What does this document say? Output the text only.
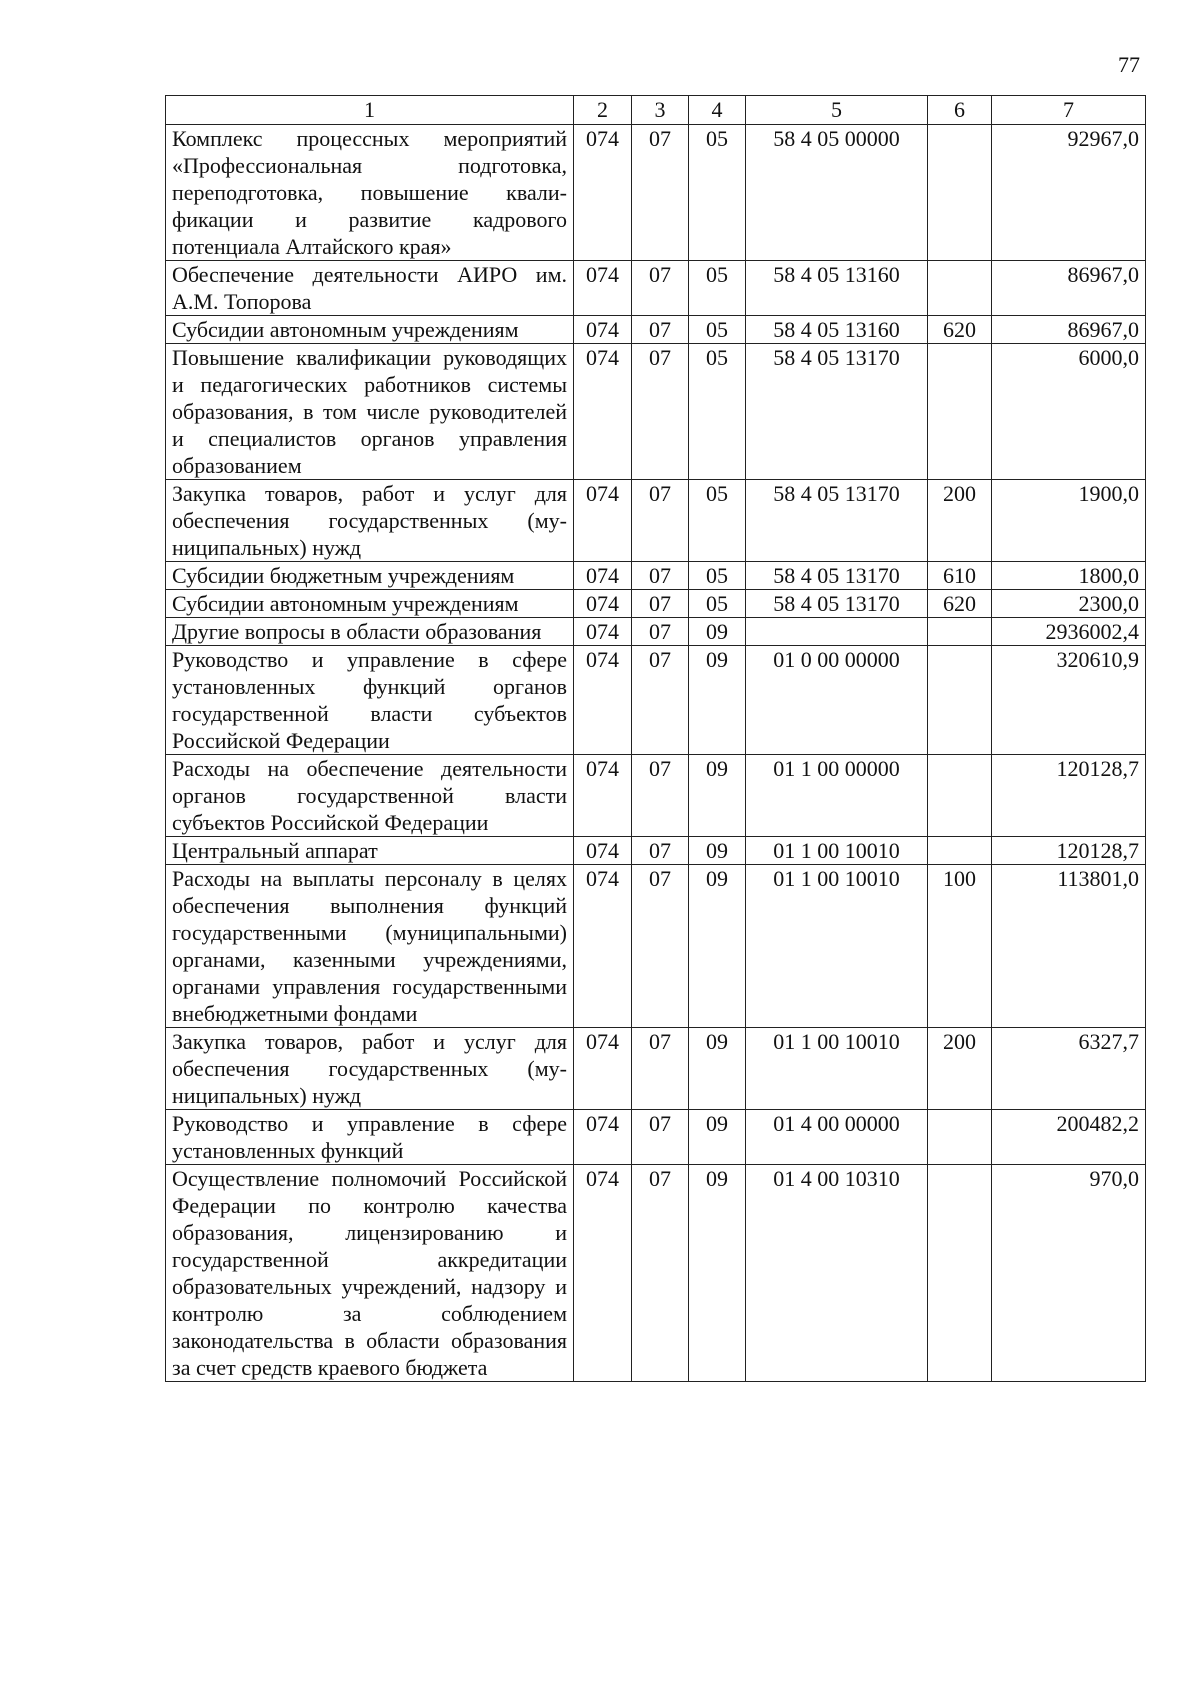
77
1	2	3	4	5	6	7
Комплекс процессных мероприятий «Профессиональная подготовка, переподготовка, повышение квалификации и развитие кадрового потенциала Алтайского края»	074	07	05	58 4 05 00000		92967,0
Обеспечение деятельности АИРО им. А.М. Топорова	074	07	05	58 4 05 13160		86967,0
Субсидии автономным учреждениям	074	07	05	58 4 05 13160	620	86967,0
Повышение квалификации руководящих и педагогических работников системы образования, в том числе руководителей и специалистов органов управления образованием	074	07	05	58 4 05 13170		6000,0
Закупка товаров, работ и услуг для обеспечения государственных (муниципальных) нужд	074	07	05	58 4 05 13170	200	1900,0
Субсидии бюджетным учреждениям	074	07	05	58 4 05 13170	610	1800,0
Субсидии автономным учреждениям	074	07	05	58 4 05 13170	620	2300,0
Другие вопросы в области образования	074	07	09			2936002,4
Руководство и управление в сфере установленных функций органов государственной власти субъектов Российской Федерации	074	07	09	01 0 00 00000		320610,9
Расходы на обеспечение деятельности органов государственной власти субъектов Российской Федерации	074	07	09	01 1 00 00000		120128,7
Центральный аппарат	074	07	09	01 1 00 10010		120128,7
Расходы на выплаты персоналу в целях обеспечения выполнения функций государственными (муниципальными) органами, казенными учреждениями, органами управления государственными внебюджетными фондами	074	07	09	01 1 00 10010	100	113801,0
Закупка товаров, работ и услуг для обеспечения государственных (муниципальных) нужд	074	07	09	01 1 00 10010	200	6327,7
Руководство и управление в сфере установленных функций	074	07	09	01 4 00 00000		200482,2
Осуществление полномочий Российской Федерации по контролю качества образования, лицензированию и государственной аккредитации образовательных учреждений, надзору и контролю за соблюдением законодательства в области образования за счет средств краевого бюджета	074	07	09	01 4 00 10310		970,0
